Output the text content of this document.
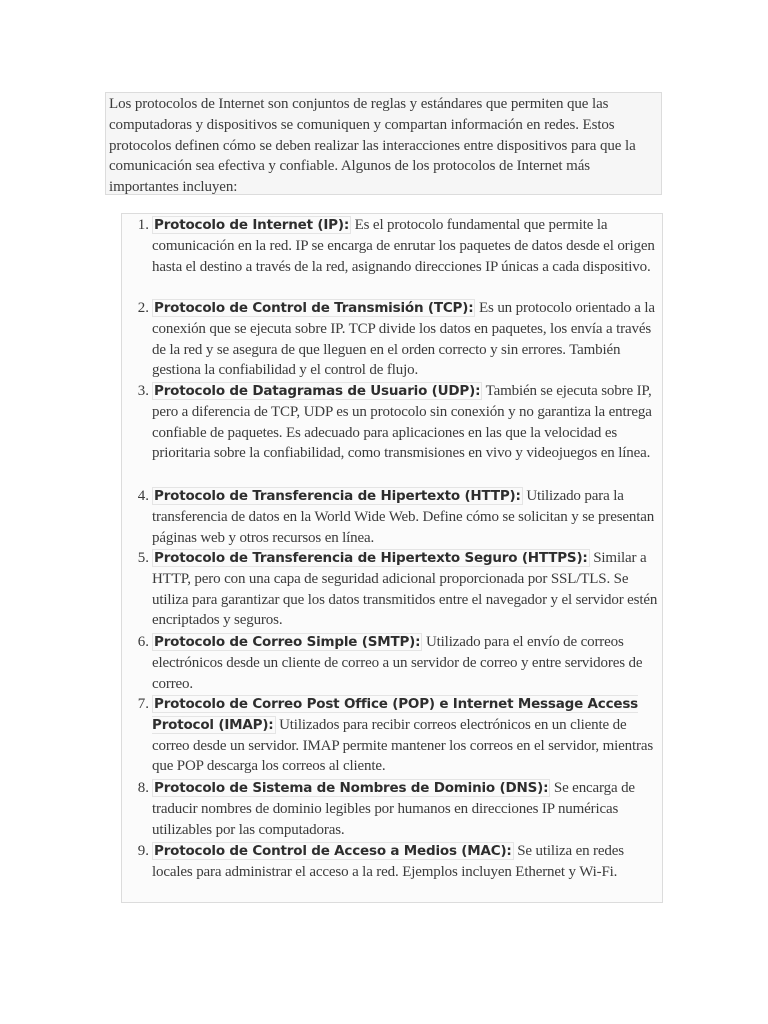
Los protocolos de Internet son conjuntos de reglas y estándares que permiten que las computadoras y dispositivos se comuniquen y compartan información en redes. Estos protocolos definen cómo se deben realizar las interacciones entre dispositivos para que la comunicación sea efectiva y confiable. Algunos de los protocolos de Internet más importantes incluyen:
1. Protocolo de Internet (IP): Es el protocolo fundamental que permite la comunicación en la red. IP se encarga de enrutar los paquetes de datos desde el origen hasta el destino a través de la red, asignando direcciones IP únicas a cada dispositivo.
2. Protocolo de Control de Transmisión (TCP): Es un protocolo orientado a la conexión que se ejecuta sobre IP. TCP divide los datos en paquetes, los envía a través de la red y se asegura de que lleguen en el orden correcto y sin errores. También gestiona la confiabilidad y el control de flujo.
3. Protocolo de Datagramas de Usuario (UDP): También se ejecuta sobre IP, pero a diferencia de TCP, UDP es un protocolo sin conexión y no garantiza la entrega confiable de paquetes. Es adecuado para aplicaciones en las que la velocidad es prioritaria sobre la confiabilidad, como transmisiones en vivo y videojuegos en línea.
4. Protocolo de Transferencia de Hipertexto (HTTP): Utilizado para la transferencia de datos en la World Wide Web. Define cómo se solicitan y se presentan páginas web y otros recursos en línea.
5. Protocolo de Transferencia de Hipertexto Seguro (HTTPS): Similar a HTTP, pero con una capa de seguridad adicional proporcionada por SSL/TLS. Se utiliza para garantizar que los datos transmitidos entre el navegador y el servidor estén encriptados y seguros.
6. Protocolo de Correo Simple (SMTP): Utilizado para el envío de correos electrónicos desde un cliente de correo a un servidor de correo y entre servidores de correo.
7. Protocolo de Correo Post Office (POP) e Internet Message Access Protocol (IMAP): Utilizados para recibir correos electrónicos en un cliente de correo desde un servidor. IMAP permite mantener los correos en el servidor, mientras que POP descarga los correos al cliente.
8. Protocolo de Sistema de Nombres de Dominio (DNS): Se encarga de traducir nombres de dominio legibles por humanos en direcciones IP numéricas utilizables por las computadoras.
9. Protocolo de Control de Acceso a Medios (MAC): Se utiliza en redes locales para administrar el acceso a la red. Ejemplos incluyen Ethernet y Wi-Fi.
